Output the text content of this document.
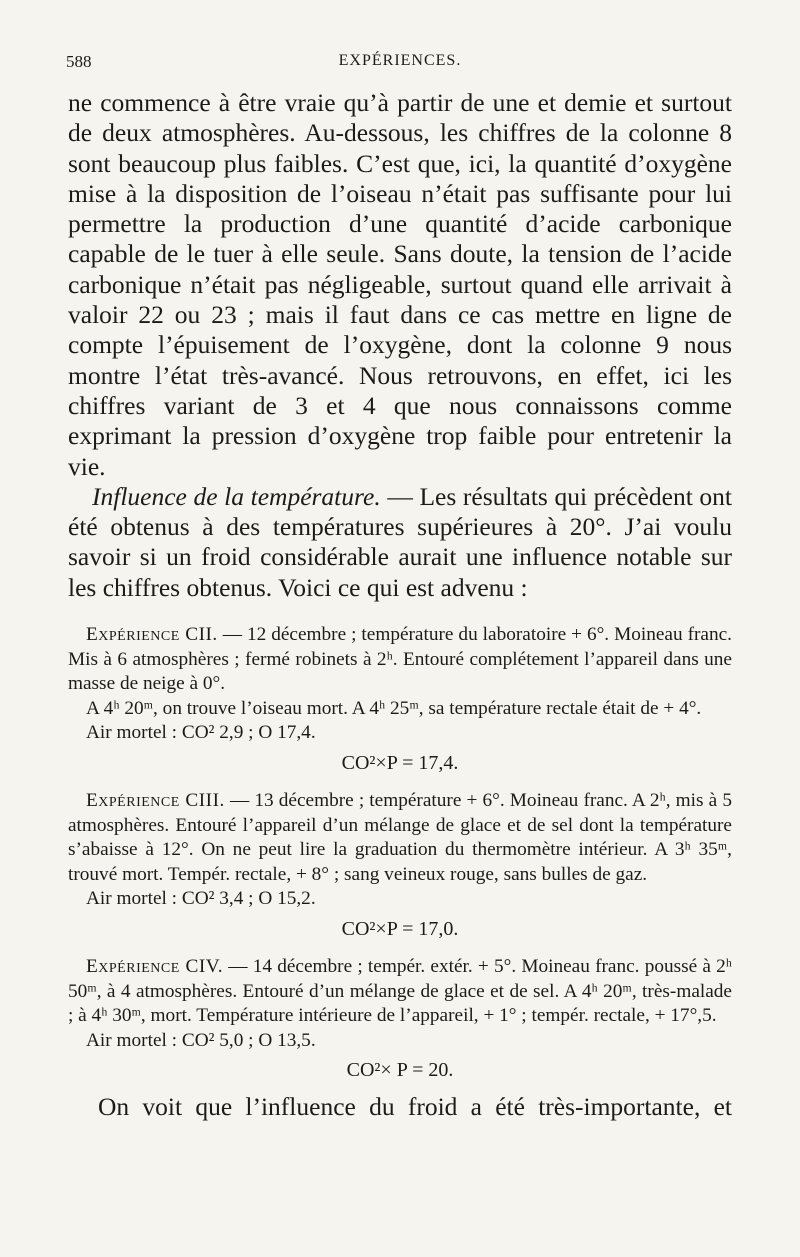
588	EXPÉRIENCES.

ne commence à être vraie qu’à partir de une et demie et surtout de deux atmosphères. Au-dessous, les chiffres de la colonne 8 sont beaucoup plus faibles. C’est que, ici, la quantité d’oxygène mise à la disposition de l’oiseau n’était pas suffisante pour lui permettre la production d’une quantité d’acide carbonique capable de le tuer à elle seule. Sans doute, la tension de l’acide carbonique n’était pas négligeable, surtout quand elle arrivait à valoir 22 ou 23 ; mais il faut dans ce cas mettre en ligne de compte l’épuisement de l’oxygène, dont la colonne 9 nous montre l’état très-avancé. Nous retrouvons, en effet, ici les chiffres variant de 3 et 4 que nous connaissons comme exprimant la pression d’oxygène trop faible pour entretenir la vie.

Influence de la température. — Les résultats qui précèdent ont été obtenus à des températures supérieures à 20°. J’ai voulu savoir si un froid considérable aurait une influence notable sur les chiffres obtenus. Voici ce qui est advenu :

Expérience CII. — 12 décembre ; température du laboratoire + 6°. Moineau franc. Mis à 6 atmosphères ; fermé robinets à 2ʰ. Entouré complétement l’appareil dans une masse de neige à 0°.

A 4ʰ 20ᵐ, on trouve l’oiseau mort. A 4ʰ 25ᵐ, sa température rectale était de + 4°.

Air mortel : CO² 2,9 ; O 17,4.

CO²×P = 17,4.

Expérience CIII. — 13 décembre ; température + 6°. Moineau franc. A 2ʰ, mis à 5 atmosphères. Entouré l’appareil d’un mélange de glace et de sel dont la température s’abaisse à 12°. On ne peut lire la graduation du thermomètre intérieur. A 3ʰ 35ᵐ, trouvé mort. Tempér. rectale, + 8° ; sang veineux rouge, sans bulles de gaz.

Air mortel : CO² 3,4 ; O 15,2.

CO²×P = 17,0.

Expérience CIV. — 14 décembre ; tempér. extér. + 5°. Moineau franc. poussé à 2ʰ 50ᵐ, à 4 atmosphères. Entouré d’un mélange de glace et de sel. A 4ʰ 20ᵐ, très-malade ; à 4ʰ 30ᵐ, mort. Température intérieure de l’appareil, + 1° ; tempér. rectale, + 17°,5.

Air mortel : CO² 5,0 ; O 13,5.

CO²× P = 20.

On voit que l’influence du froid a été très-importante, et
